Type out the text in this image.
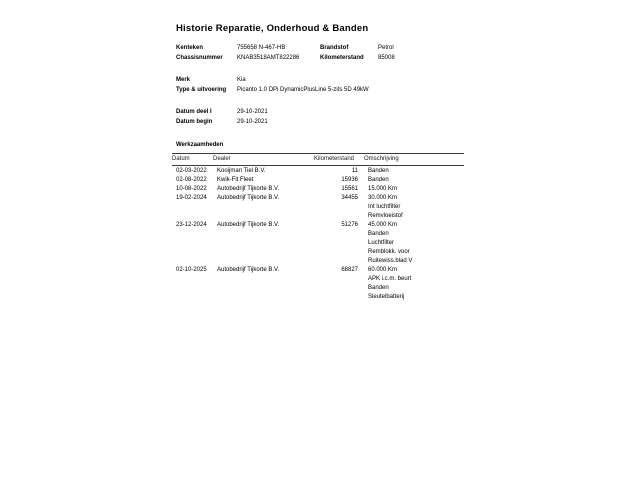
Historie Reparatie, Onderhoud & Banden
Kenteken	755658 N-467-HB	Brandstof	Petrol
Chassisnummer	KNAB3518AMT822286	Kilometerstand	85008
Merk	Kia
Type & uitvoering	Picanto 1.0 DPi DynamicPlusLine 5-zits 5D 49kW
Datum deel I	29-10-2021
Datum begin	29-10-2021
Werkzaamheden
Datum	Dealer	Kilometerstand	Omschrijving
02-03-2022	Kooijman Tiel B.V.	11 Banden
02-08-2022	Kwik-Fit Fleet	15936 Banden
10-08-2022	Autobedrijf Tijkorte B.V.	15561 15.000 Km
19-02-2024	Autobedrijf Tijkorte B.V.	34455 30.000 Km
Int luchtfilter
Remvloeistof
23-12-2024	Autobedrijf Tijkorte B.V.	51276 45.000 Km
Banden
Luchtfilter
Remblokk. voor
Ruitewiss.blad V
02-10-2025	Autobedrijf Tijkorte B.V.	68827 60.000 Km
APK i.c.m. beurt
Banden
Sleutelbatterij
